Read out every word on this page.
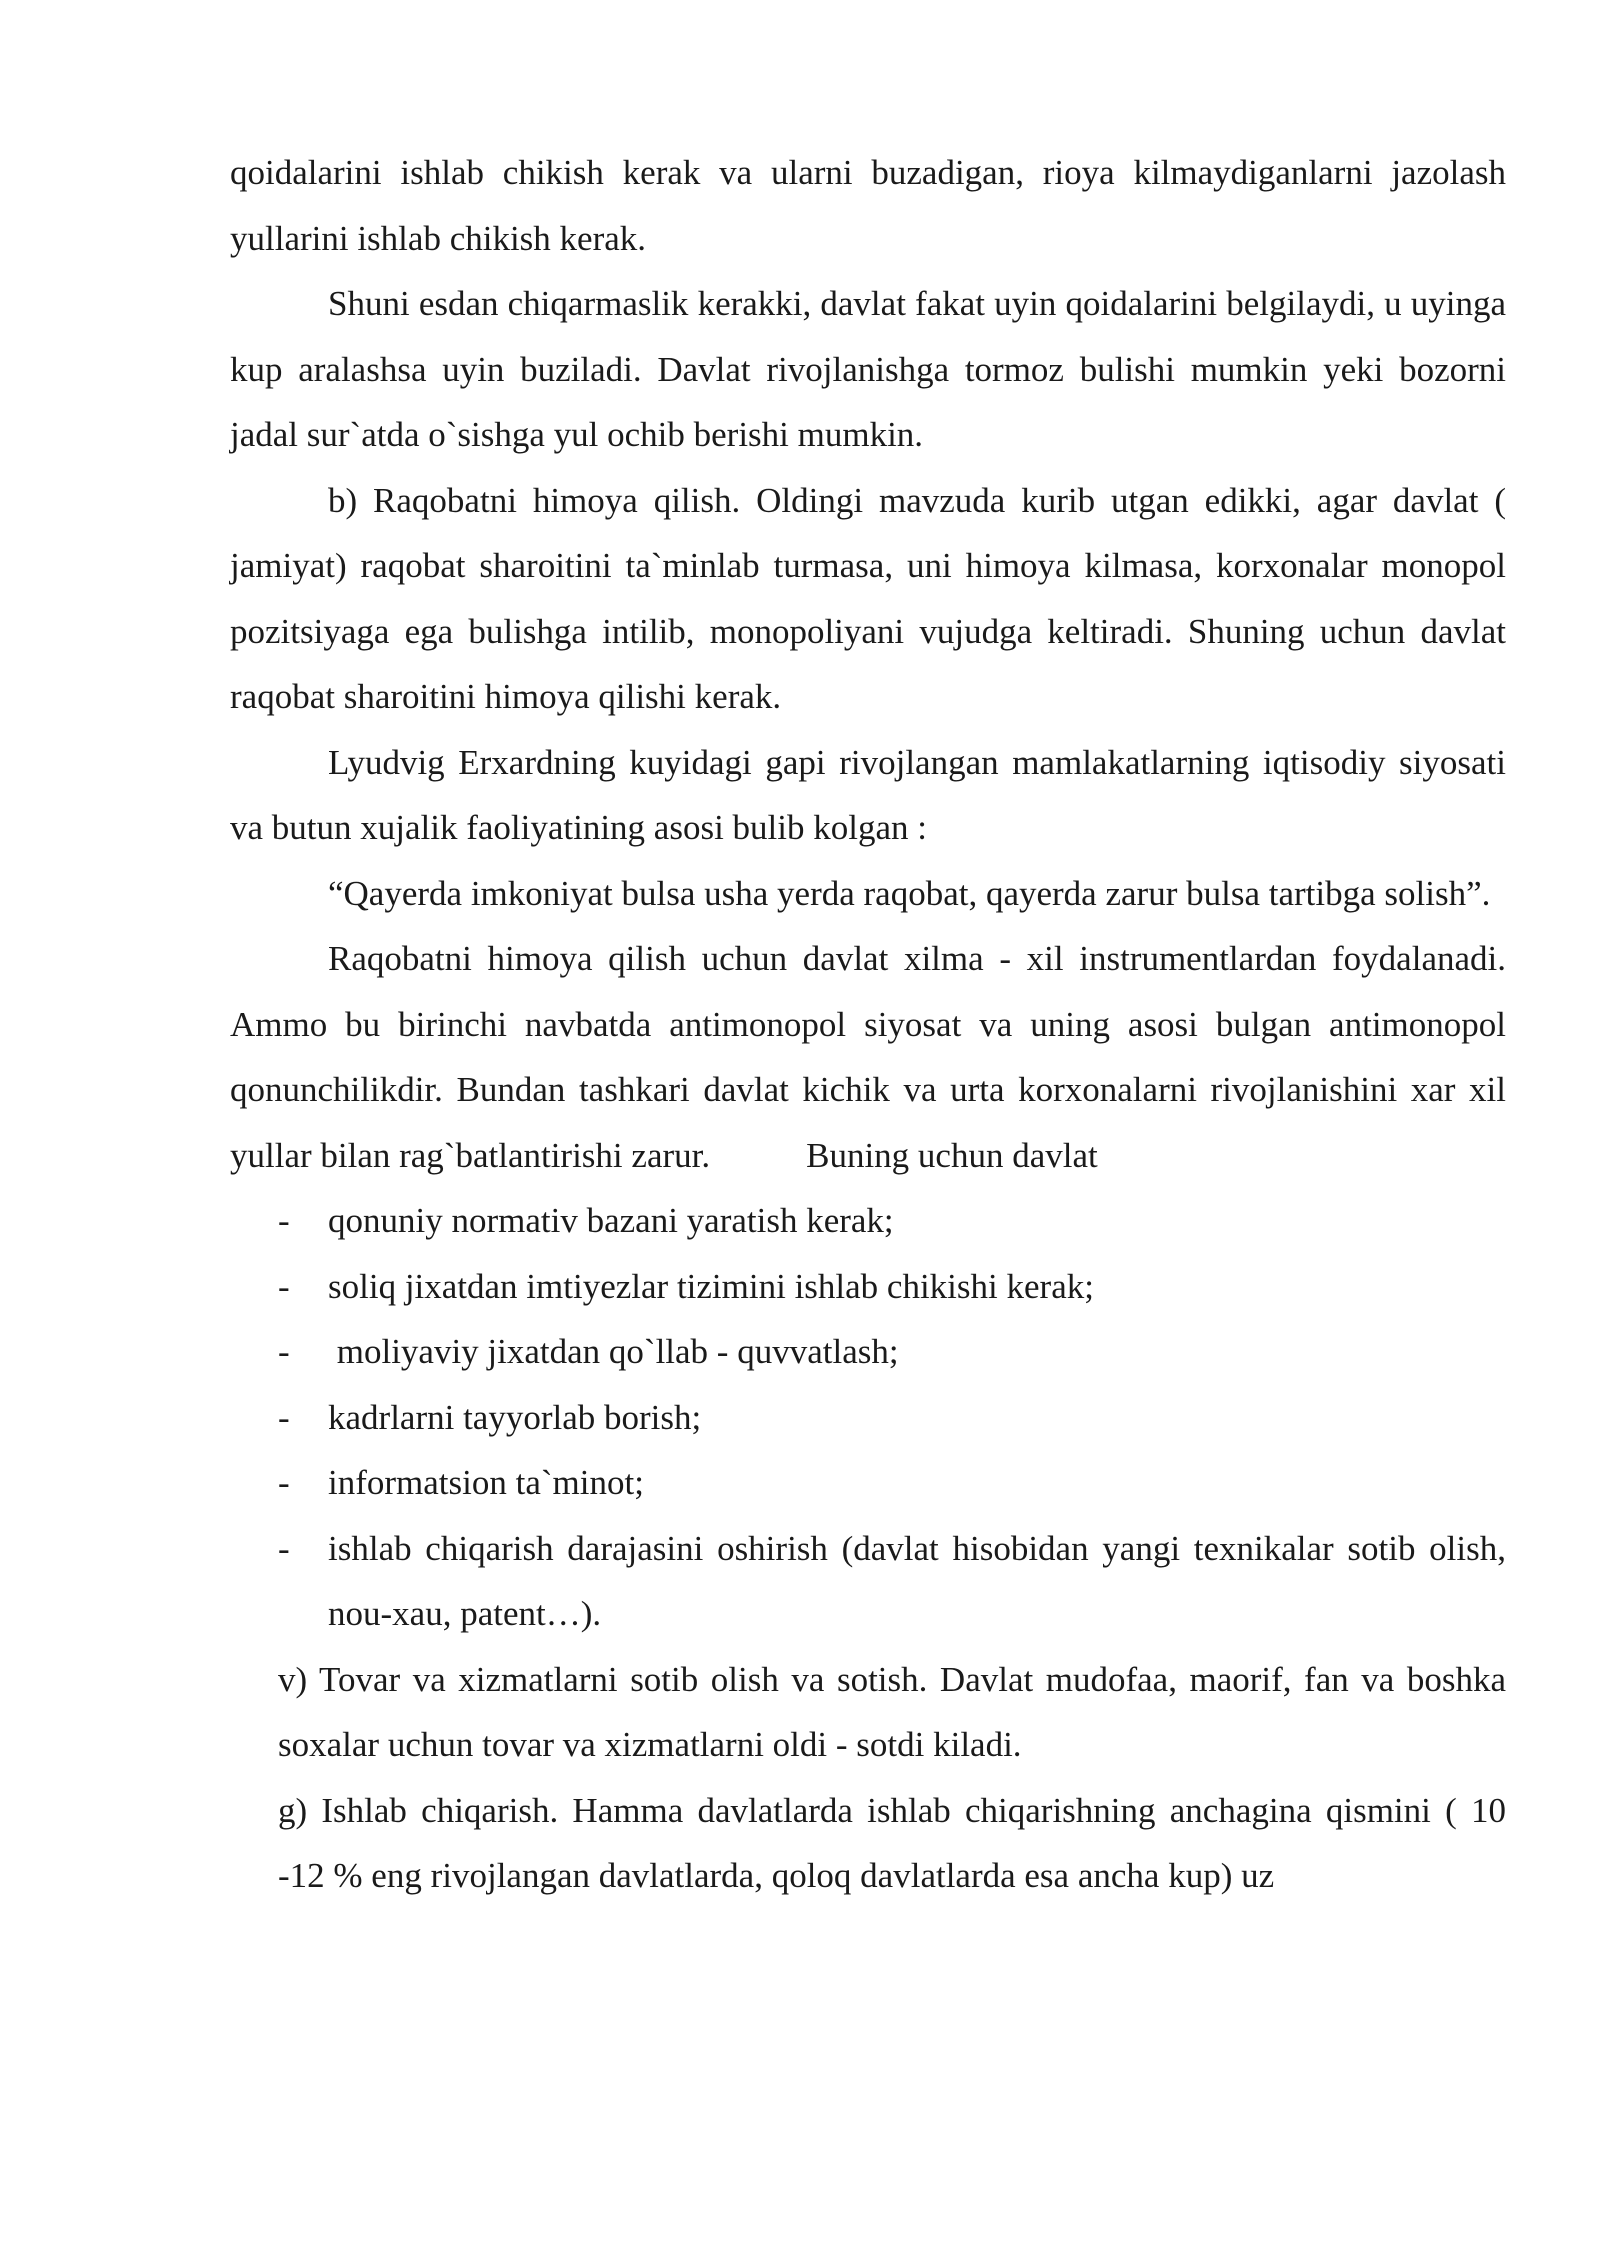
qoidalarini ishlab chikish kerak va ularni buzadigan, rioya kilmaydiganlarni jazolash yullarini ishlab chikish kerak.

Shuni esdan chiqarmaslik kerakki, davlat fakat uyin qoidalarini belgilaydi, u uyinga kup aralashsa uyin buziladi. Davlat rivojlanishga tormoz bulishi mumkin yeki bozorni jadal sur`atda o`sishga yul ochib berishi mumkin.

b) Raqobatni himoya qilish. Oldingi mavzuda kurib utgan edikki, agar davlat ( jamiyat) raqobat sharoitini ta`minlab turmasa, uni himoya kilmasa, korxonalar monopol pozitsiyaga ega bulishga intilib, monopoliyani vujudga keltiradi. Shuning uchun davlat raqobat sharoitini himoya qilishi kerak.

Lyudvig Erxardning kuyidagi gapi rivojlangan mamlakatlarning iqtisodiy siyosati va butun xujalik faoliyatining asosi bulib kolgan :

“Qayerda imkoniyat bulsa usha yerda raqobat, qayerda zarur bulsa tartibga solish”.

Raqobatni himoya qilish uchun davlat xilma - xil instrumentlardan foydalanadi. Ammo bu birinchi navbatda antimonopol siyosat va uning asosi bulgan antimonopol qonunchilikdir. Bundan tashkari davlat kichik va urta korxonalarni rivojlanishini xar xil yullar bilan rag`batlantirishi zarur.	Buning uchun davlat

-	qonuniy normativ bazani yaratish kerak;
-	soliq jixatdan imtiyezlar tizimini ishlab chikishi kerak;
-	moliyaviy jixatdan qo`llab - quvvatlash;
-	kadrlarni tayyorlab borish;
-	informatsion ta`minot;
-	ishlab chiqarish darajasini oshirish (davlat hisobidan yangi texnikalar sotib olish, nou-xau, patent…).

v) Tovar va xizmatlarni sotib olish va sotish. Davlat mudofaa, maorif, fan va boshka soxalar uchun tovar va xizmatlarni oldi - sotdi kiladi.

g) Ishlab chiqarish. Hamma davlatlarda ishlab chiqarishning anchagina qismini ( 10 -12 % eng rivojlangan davlatlarda, qoloq davlatlarda esa ancha kup) uz
